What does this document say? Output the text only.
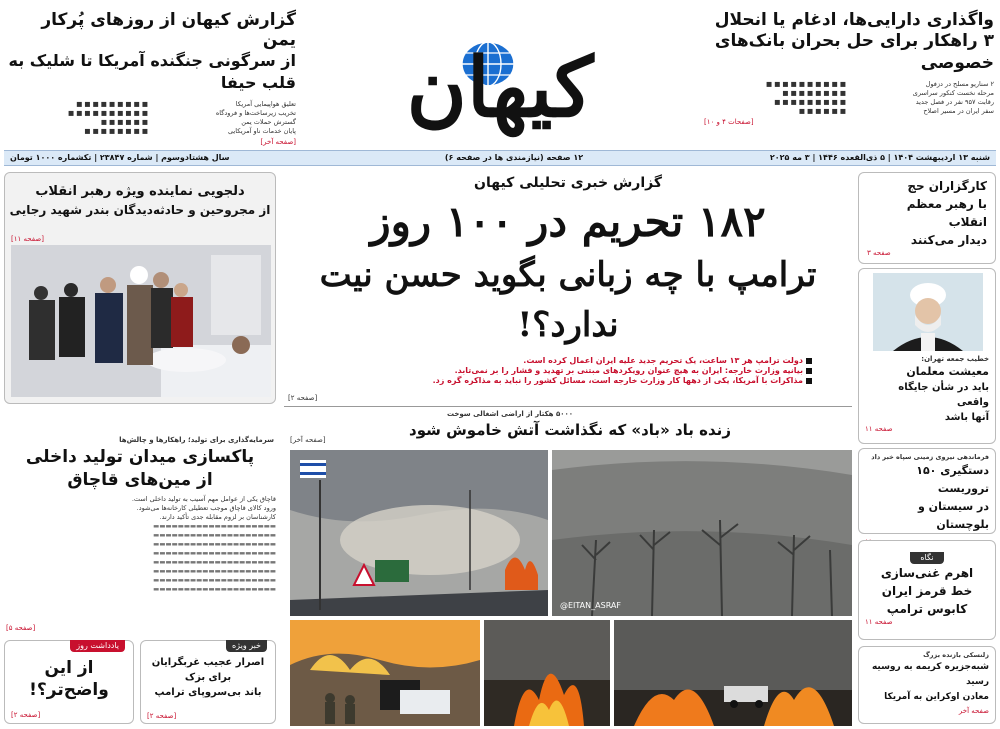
واگذاری دارایی‌ها، ادغام یا انحلال
۳ راهکار برای حل بحران بانک‌های خصوصی
۲ سناریو مسلح در دزفول
مرحله نخست کنکور سراسری
رقابت ۹۵۷ نفر در فصل جدید
سفر ایران در مسیر اصلاح
■ ■ ■ ■ ■ ■ ■ ■ ■ ■
■ ■ ■ ■ ■ ■ ■ ■
■ ■ ■ ■ ■ ■ ■ ■ ■
■ ■ ■ ■ ■ ■
[صفحات ۴ و ۱۰]
کیهان
گزارش کیهان از روزهای پُرکار یمن
از سرگونی جنگنده آمریکا تا شلیک به قلب حیفا
تعلیق هواپیمایی آمریکا
تخریب زیرساخت‌ها و فرودگاه
گسترش حملات یمن
پایان خدمات ناو آمریکایی
■ ■ ■ ■ ■ ■ ■ ■ ■
■ ■ ■ ■ ■ ■ ■ ■ ■ ■
■ ■ ■ ■ ■ ■
■ ■ ■ ■ ■ ■ ■ ■
[صفحه آخر]
شنبه ۱۳ اردیبهشت ۱۴۰۴ | ۵ ذی‌القعده ۱۴۴۶ | ۳ مه ۲۰۲۵
۱۲ صفحه (نیازمندی ها در صفحه ۶)
سال هشتادوسوم | شماره ۲۳۸۴۷ | تکشماره ۱۰۰۰ تومان
دلجویی نماینده ویژه رهبر انقلاب
از مجروحین و حادثه‌دیدگان بندر شهید رجایی
[صفحه ۱۱]
سرمایه‌گذاری برای تولید؛ راهکارها و چالش‌ها
پاکسازی میدان تولید داخلی
از مین‌های قاچاق
قاچاق یکی از عوامل مهم آسیب به تولید داخلی است.
ورود کالای قاچاق موجب تعطیلی کارخانه‌ها می‌شود.
کارشناسان بر لزوم مقابله جدی تأکید دارند.
▬▬▬▬▬▬▬▬▬▬▬▬▬▬▬▬▬▬▬▬
▬▬▬▬▬▬▬▬▬▬▬▬▬▬▬▬▬▬▬▬
▬▬▬▬▬▬▬▬▬▬▬▬▬▬▬▬▬▬▬▬
▬▬▬▬▬▬▬▬▬▬▬▬▬▬▬▬▬▬▬▬
▬▬▬▬▬▬▬▬▬▬▬▬▬▬▬▬▬▬▬▬
▬▬▬▬▬▬▬▬▬▬▬▬▬▬▬▬▬▬▬▬
▬▬▬▬▬▬▬▬▬▬▬▬▬▬▬▬▬▬▬▬
▬▬▬▬▬▬▬▬▬▬▬▬▬▬▬▬▬▬▬▬
[صفحه ۵]
یادداشت روز
از این
واضح‌تر؟!
[صفحه ۲]
خبر ویژه
اصرار عجیب غربگرایان
برای بزک
باند بی‌سروپای ترامپ
[صفحه ۲]
گزارش خبری تحلیلی کیهان
۱۸۲ تحریم در ۱۰۰ روز
ترامپ با چه زبانی بگوید حسن نیت ندارد؟!
دولت ترامپ هر ۱۳ ساعت، یک تحریم جدید علیه ایران اعمال کرده است.
بیانیه وزارت خارجه: ایران به هیچ عنوان رویکردهای مبتنی بر تهدید و فشار را بر نمی‌تابد.
مذاکرات با آمریکا، یکی از دهها کار وزارت خارجه است، مسائل کشور را نباید به مذاکره گره زد.
[صفحه ۲]
۵۰۰۰ هکتار از اراضی اشغالی سوخت
زنده باد «باد» که نگذاشت آتش خاموش شود
[صفحه آخر]
@EITAN_ASRAF
کارگزاران حج
با رهبر معظم انقلاب
دیدار می‌کنند
صفحه ۳
خطیب جمعه تهران:
معیشت معلمان
باید در شأن جایگاه واقعی
آنها باشد
صفحه ۱۱
فرماندهی نیروی زمینی سپاه خبر داد
دستگیری ۱۵۰ تروریست
در سیستان و بلوچستان
نگاه
اهرم غنی‌سازی
خط قرمز ایران
کابوس ترامپ
صفحه ۱۱
زلنسکی بازنده بزرگ
شبه‌جزیره کریمه به روسیه رسید
معادن اوکراین به آمریکا
صفحه آخر
